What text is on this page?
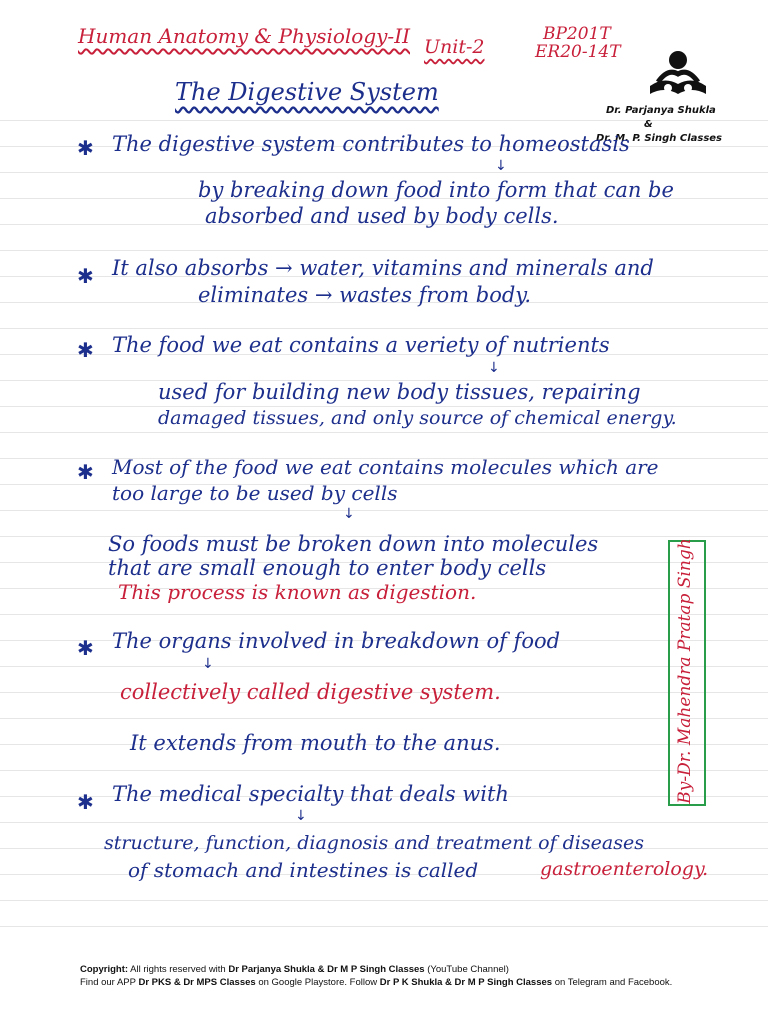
Human Anatomy & Physiology-II Unit-2
BP201T
ER20-14T
Dr. Parjanya Shukla
&
Dr. M. P. Singh Classes
The Digestive System
✱ The digestive system contributes to homeostasis
↓
by breaking down food into form that can be
absorbed and used by body cells.
✱ It also absorbs → water, vitamins and minerals and
eliminates → wastes from body.
✱ The food we eat contains a veriety of nutrients
↓
used for building new body tissues, repairing
damaged tissues, and only source of chemical energy.
✱ Most of the food we eat contains molecules which are
too large to be used by cells
↓
So foods must be broken down into molecules
that are small enough to enter body cells
This process is known as digestion.
✱ The organs involved in breakdown of food
↓
collectively called digestive system.
It extends from mouth to the anus.
✱ The medical specialty that deals with
↓
structure, function, diagnosis and treatment of diseases
of stomach and intestines is called	gastroenterology.
By-Dr. Mahendra Pratap Singh
Copyright: All rights reserved with Dr Parjanya Shukla & Dr M P Singh Classes (YouTube Channel)
Find our APP Dr PKS & Dr MPS Classes on Google Playstore. Follow Dr P K Shukla & Dr M P Singh Classes on Telegram and Facebook.
